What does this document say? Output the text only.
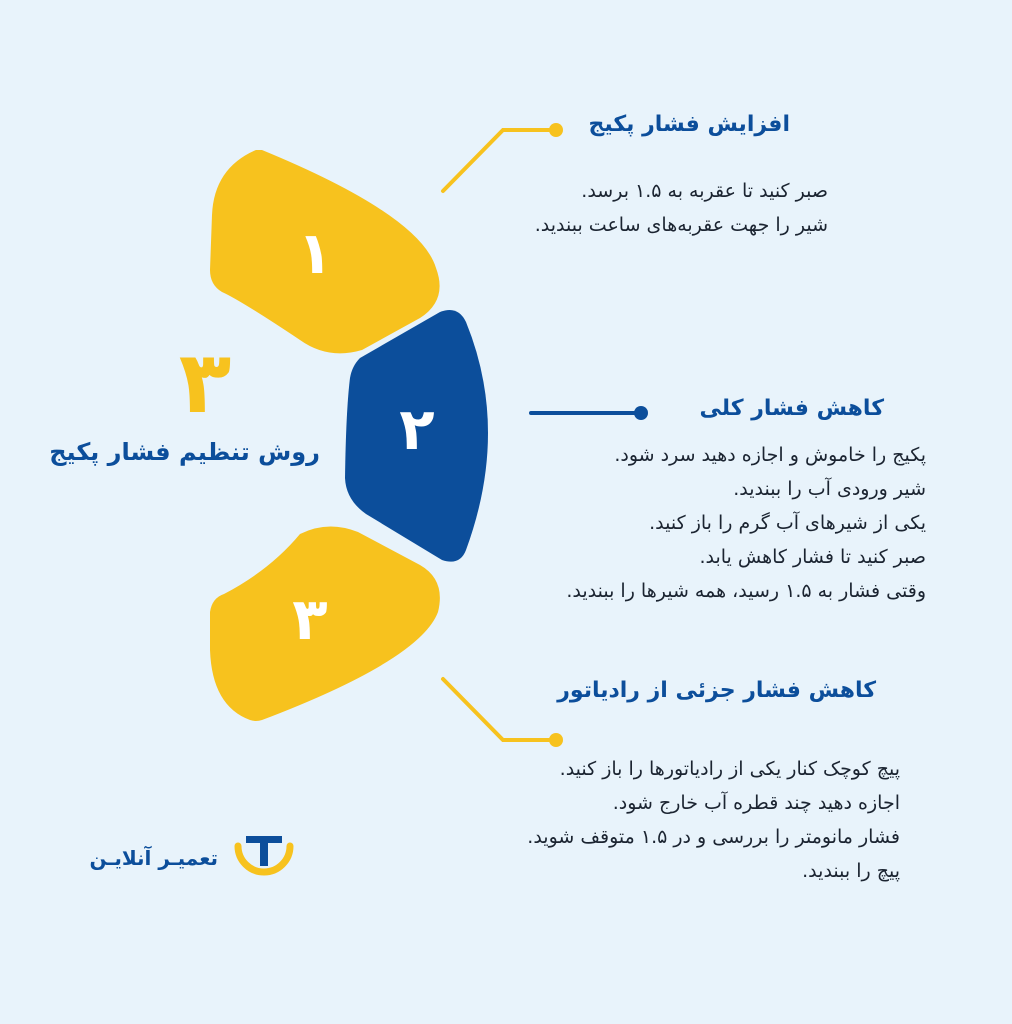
۱
۲
۳
۳
روش تنظیم فشار پکیج
افزایش فشار پکیج
صبر کنید تا عقربه به ۱.۵ برسد.
شیر را جهت عقربه‌های ساعت ببندید.
کاهش فشار کلی
پکیج را خاموش و اجازه دهید سرد شود.
شیر ورودی آب را ببندید.
یکی از شیرهای آب گرم را باز کنید.
صبر کنید تا فشار کاهش یابد.
وقتی فشار به ۱.۵ رسید، همه شیرها را ببندید.
کاهش فشار جزئی از رادیاتور
پیچ کوچک کنار یکی از رادیاتورها را باز کنید.
اجازه دهید چند قطره آب خارج شود.
فشار مانومتر را بررسی و در ۱.۵ متوقف شوید.
پیچ را ببندید.
تعمیـر آنلایـن
